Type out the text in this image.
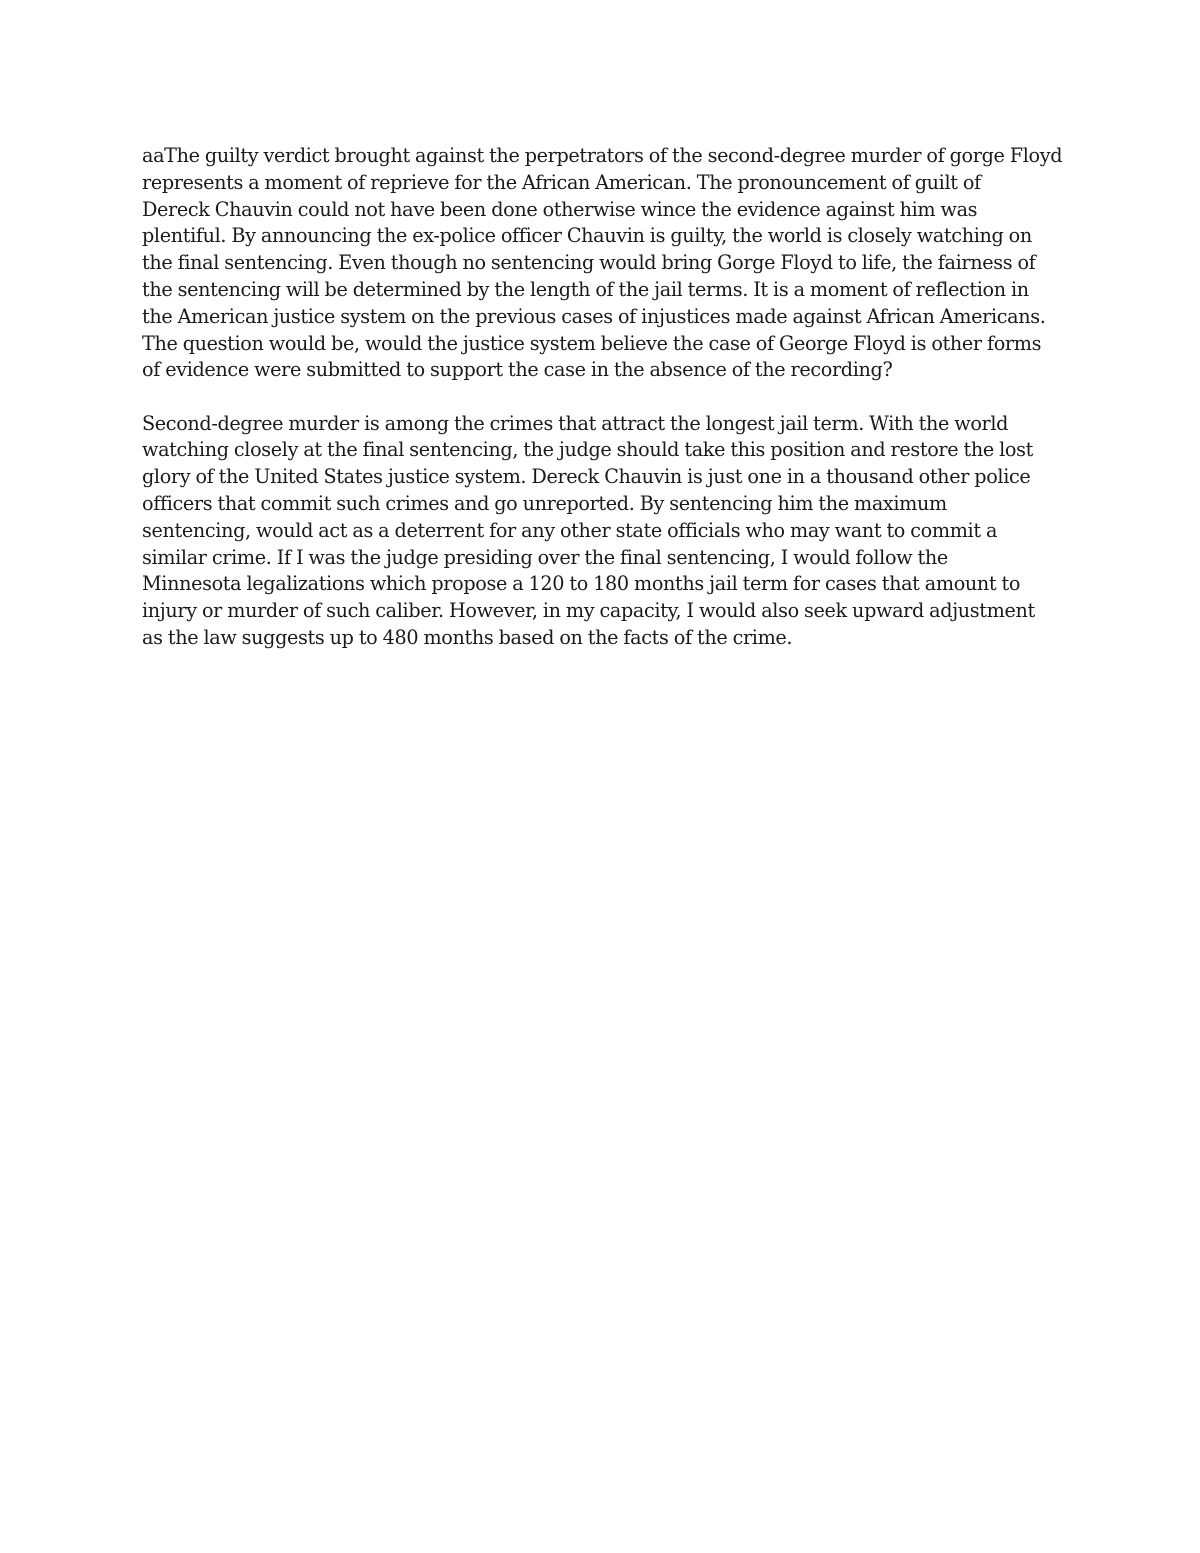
aaThe guilty verdict brought against the perpetrators of the second-degree murder of gorge Floyd
represents a moment of reprieve for the African American. The pronouncement of guilt of
Dereck Chauvin could not have been done otherwise wince the evidence against him was
plentiful. By announcing the ex-police officer Chauvin is guilty, the world is closely watching on
the final sentencing. Even though no sentencing would bring Gorge Floyd to life, the fairness of
the sentencing will be determined by the length of the jail terms. It is a moment of reflection in
the American justice system on the previous cases of injustices made against African Americans.
The question would be, would the justice system believe the case of George Floyd is other forms
of evidence were submitted to support the case in the absence of the recording?

Second-degree murder is among the crimes that attract the longest jail term. With the world
watching closely at the final sentencing, the judge should take this position and restore the lost
glory of the United States justice system. Dereck Chauvin is just one in a thousand other police
officers that commit such crimes and go unreported. By sentencing him the maximum
sentencing, would act as a deterrent for any other state officials who may want to commit a
similar crime. If I was the judge presiding over the final sentencing, I would follow the
Minnesota legalizations which propose a 120 to 180 months jail term for cases that amount to
injury or murder of such caliber. However, in my capacity, I would also seek upward adjustment
as the law suggests up to 480 months based on the facts of the crime.
